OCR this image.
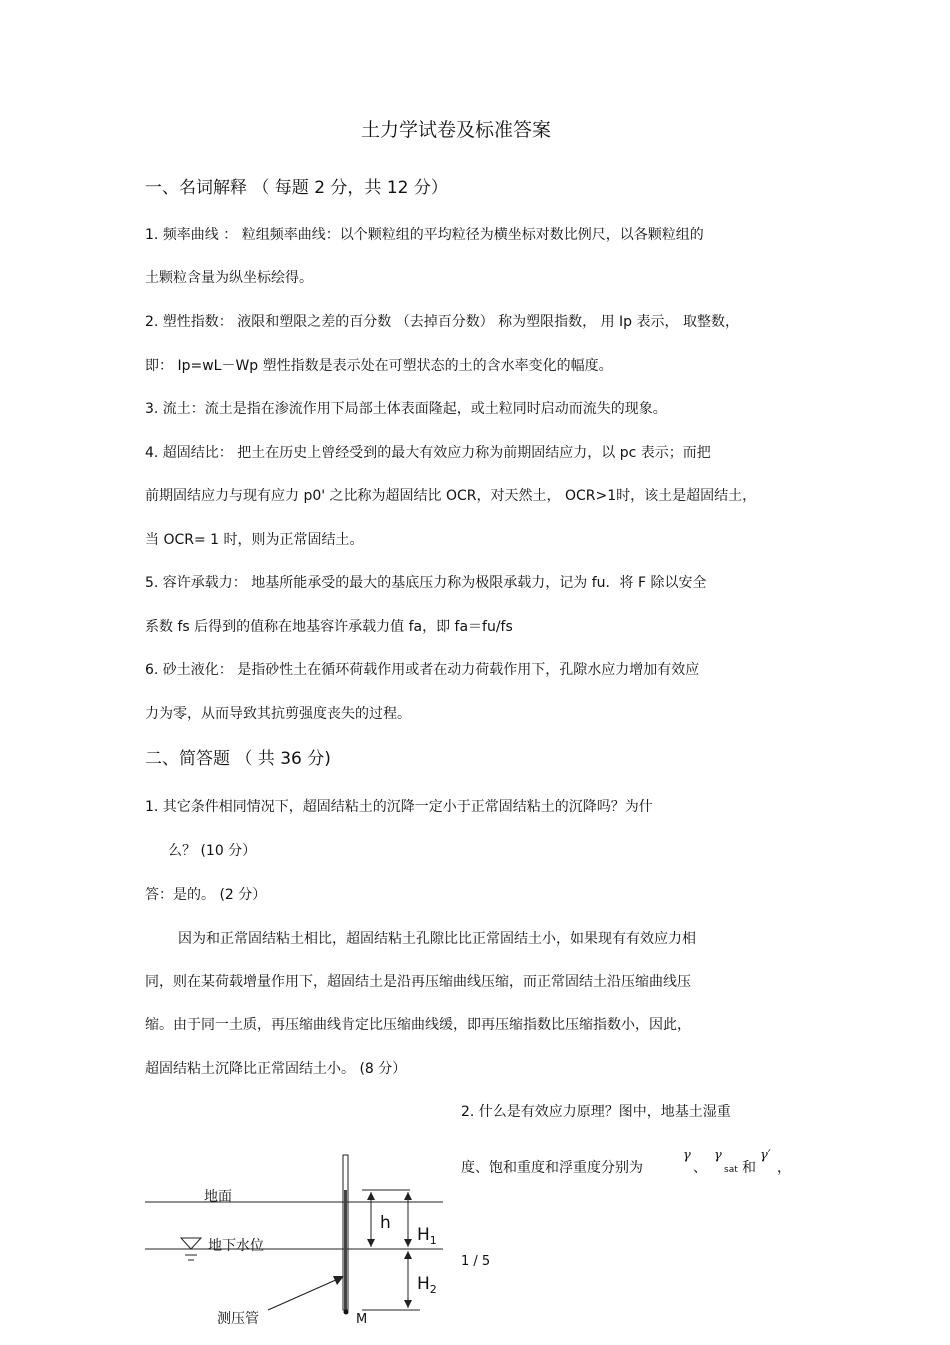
土力学试卷及标准答案
一、名词解释 （ 每题 2 分，共 12 分）
1. 频率曲线 ： 粒组频率曲线：以个颗粒组的平均粒径为横坐标对数比例尺，以各颗粒组的
土颗粒含量为纵坐标绘得。
2. 塑性指数： 液限和塑限之差的百分数 （去掉百分数） 称为塑限指数， 用 Ip 表示， 取整数，
即： Ip=wL－Wp 塑性指数是表示处在可塑状态的土的含水率变化的幅度。
3. 流土：流土是指在渗流作用下局部土体表面隆起，或土粒同时启动而流失的现象。
4. 超固结比： 把土在历史上曾经受到的最大有效应力称为前期固结应力，以 pc 表示；而把
前期固结应力与现有应力 p0' 之比称为超固结比 OCR，对天然土， OCR>1时，该土是超固结土，
当 OCR= 1 时，则为正常固结土。
5. 容许承载力： 地基所能承受的最大的基底压力称为极限承载力，记为 fu．将 F 除以安全
系数 fs 后得到的值称在地基容许承载力值 fa，即 fa＝fu/fs
6. 砂土液化： 是指砂性土在循环荷载作用或者在动力荷载作用下，孔隙水应力增加有效应
力为零，从而导致其抗剪强度丧失的过程。
二、简答题 （ 共 36 分)
1. 其它条件相同情况下，超固结粘土的沉降一定小于正常固结粘土的沉降吗？为什
么？ (10 分）
答：是的。 (2 分）
因为和正常固结粘土相比，超固结粘土孔隙比比正常固结土小，如果现有有效应力相
同，则在某荷载增量作用下，超固结土是沿再压缩曲线压缩，而正常固结土沿压缩曲线压
缩。由于同一土质，再压缩曲线肯定比压缩曲线缓，即再压缩指数比压缩指数小，因此，
超固结粘土沉降比正常固结土小。 (8 分）
2. 什么是有效应力原理？图中，地基土湿重
度、饱和重度和浮重度分别为
γ
、
γ
sat 和
γ′
，
地面
地下水位
测压管
h
$H_1$
$H_2$
M
1 / 5
